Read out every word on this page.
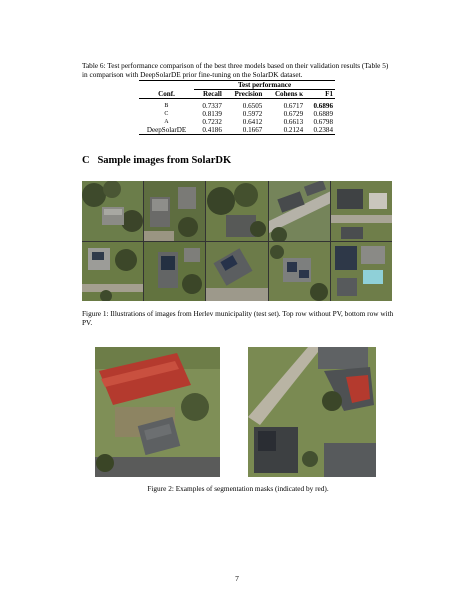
Table 6: Test performance comparison of the best three models based on their validation results (Table 5) in comparison with DeepSolarDE prior fine-tuning on the SolarDK dataset.
	Test performance			
Conf.	Recall	Precision	Cohens κ	F1

B	0.7337	0.6505	0.6717	0.6896
C	0.8139	0.5972	0.6729	0.6889
A	0.7232	0.6412	0.6613	0.6798
DeepSolarDE	0.4186	0.1667	0.2124	0.2384
C Sample images from SolarDK
Figure 1: Illustrations of images from Herlev municipality (test set). Top row without PV, bottom row with PV.
Figure 2: Examples of segmentation masks (indicated by red).
7
